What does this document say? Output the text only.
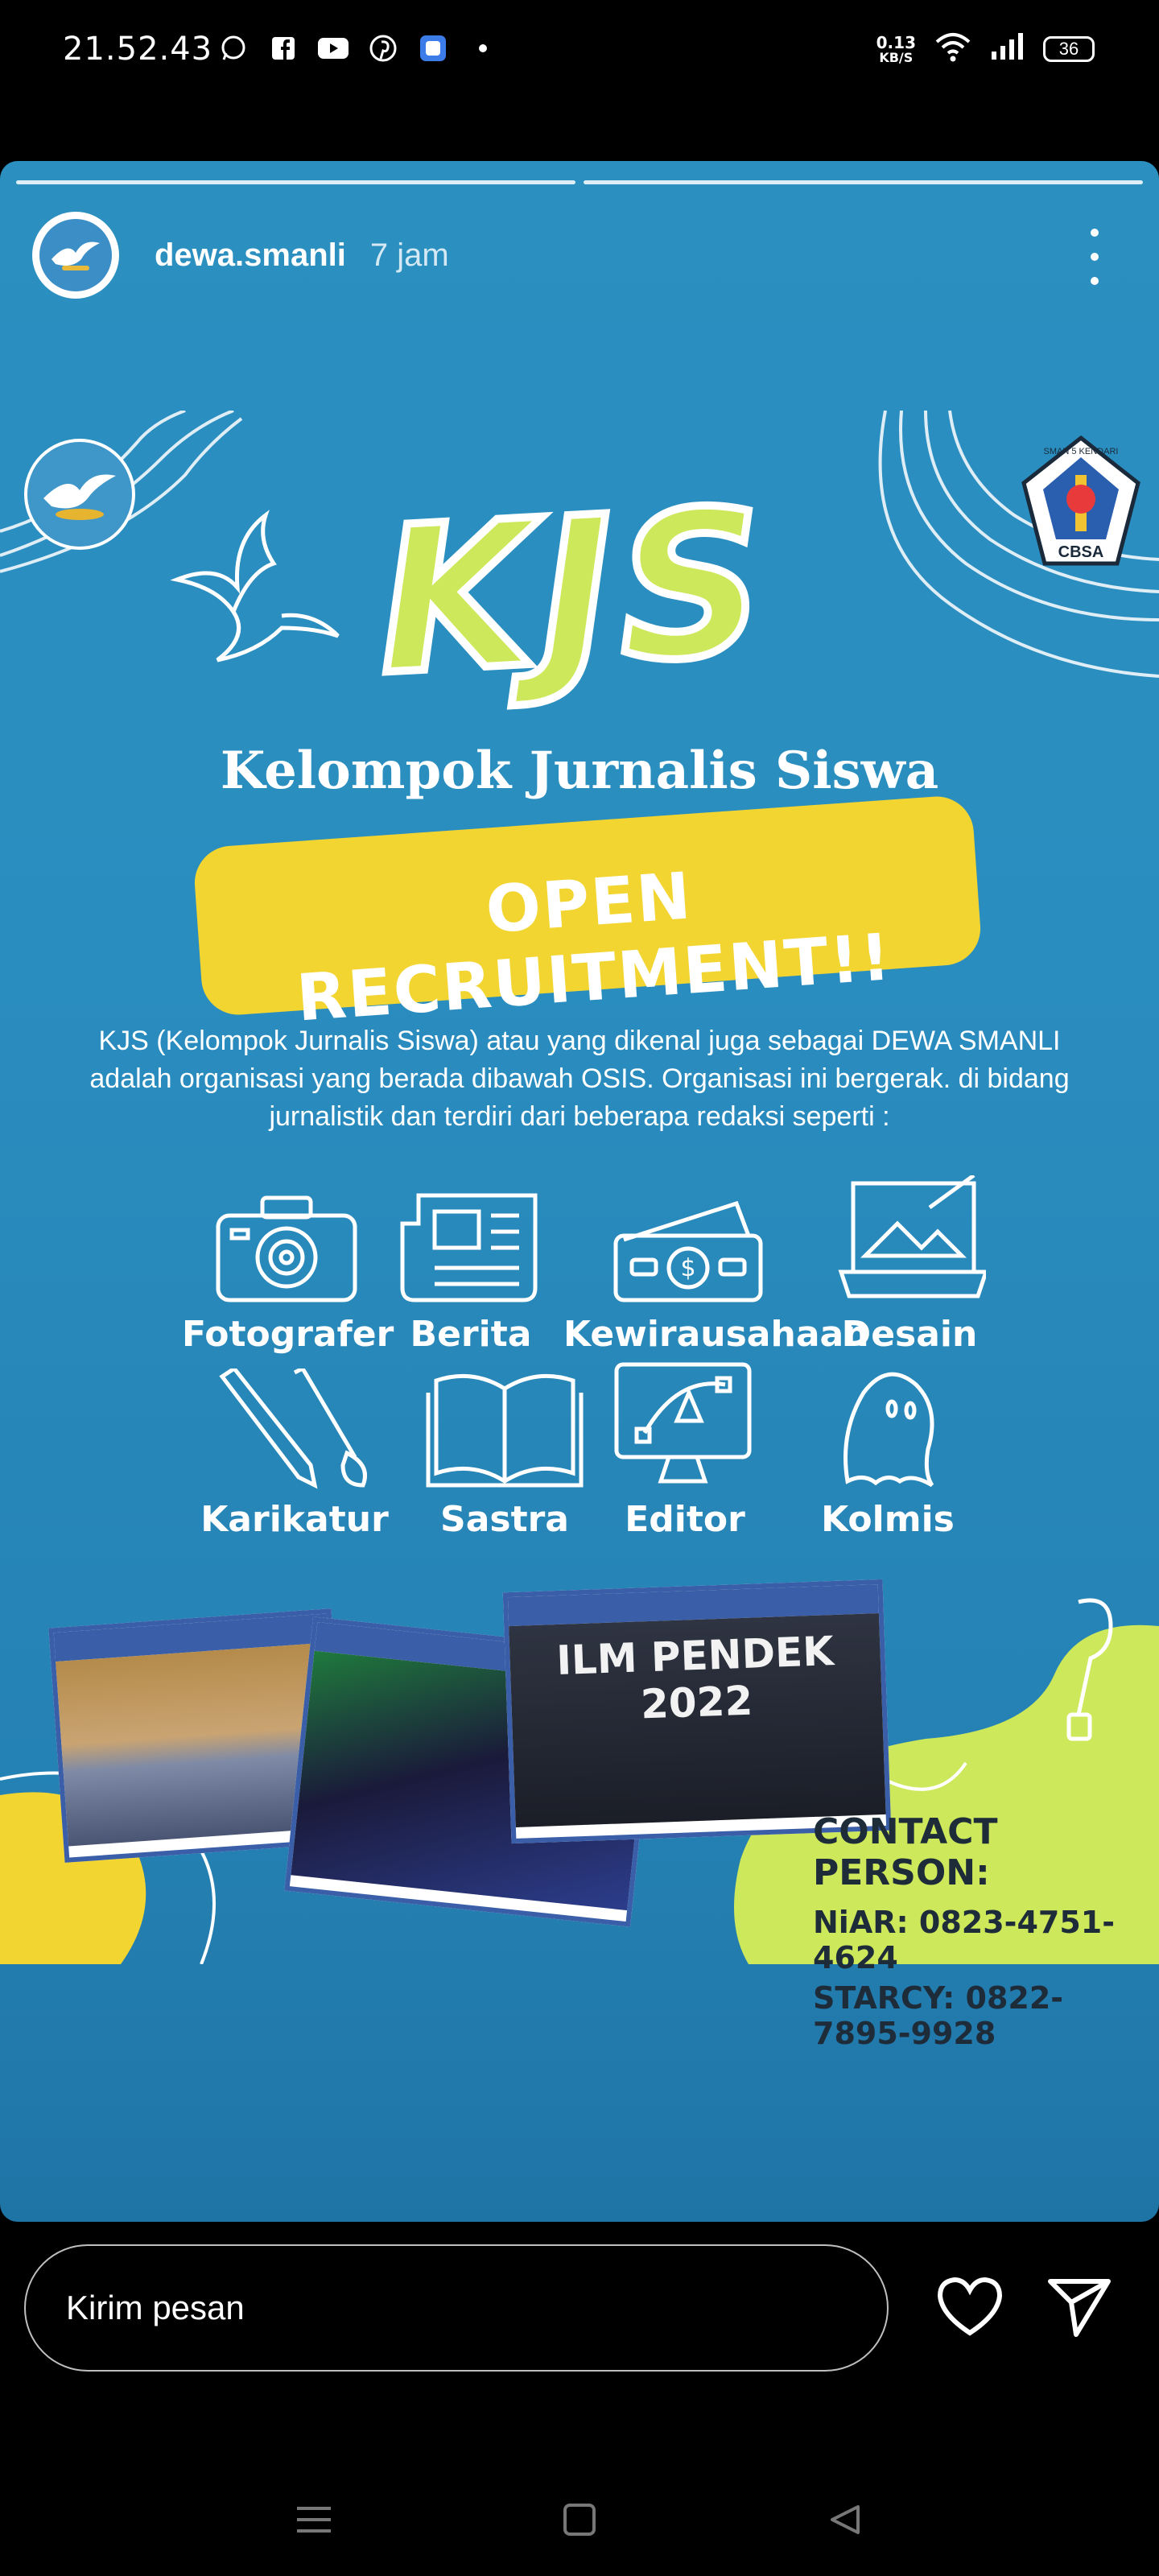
21.52.43	0.13
KB/S	36
dewa.smanli 7 jam
CBSA
SMAN 5 KENDARI
KJS
Kelompok Jurnalis Siswa
OPEN RECRUITMENT!!
KJS (Kelompok Jurnalis Siswa) atau yang dikenal juga sebagai DEWA SMANLI adalah organisasi yang berada dibawah OSIS. Organisasi ini bergerak. di bidang jurnalistik dan terdiri dari beberapa redaksi seperti :
Fotografer Berita
$
Kewirausahaan
Desain
Karikatur	Sastra	Editor	Kolmis
ILM PENDEK 2022
CONTACT PERSON:
NiAR: 0823-4751-4624
STARCY: 0822-7895-9928
Kirim pesan
